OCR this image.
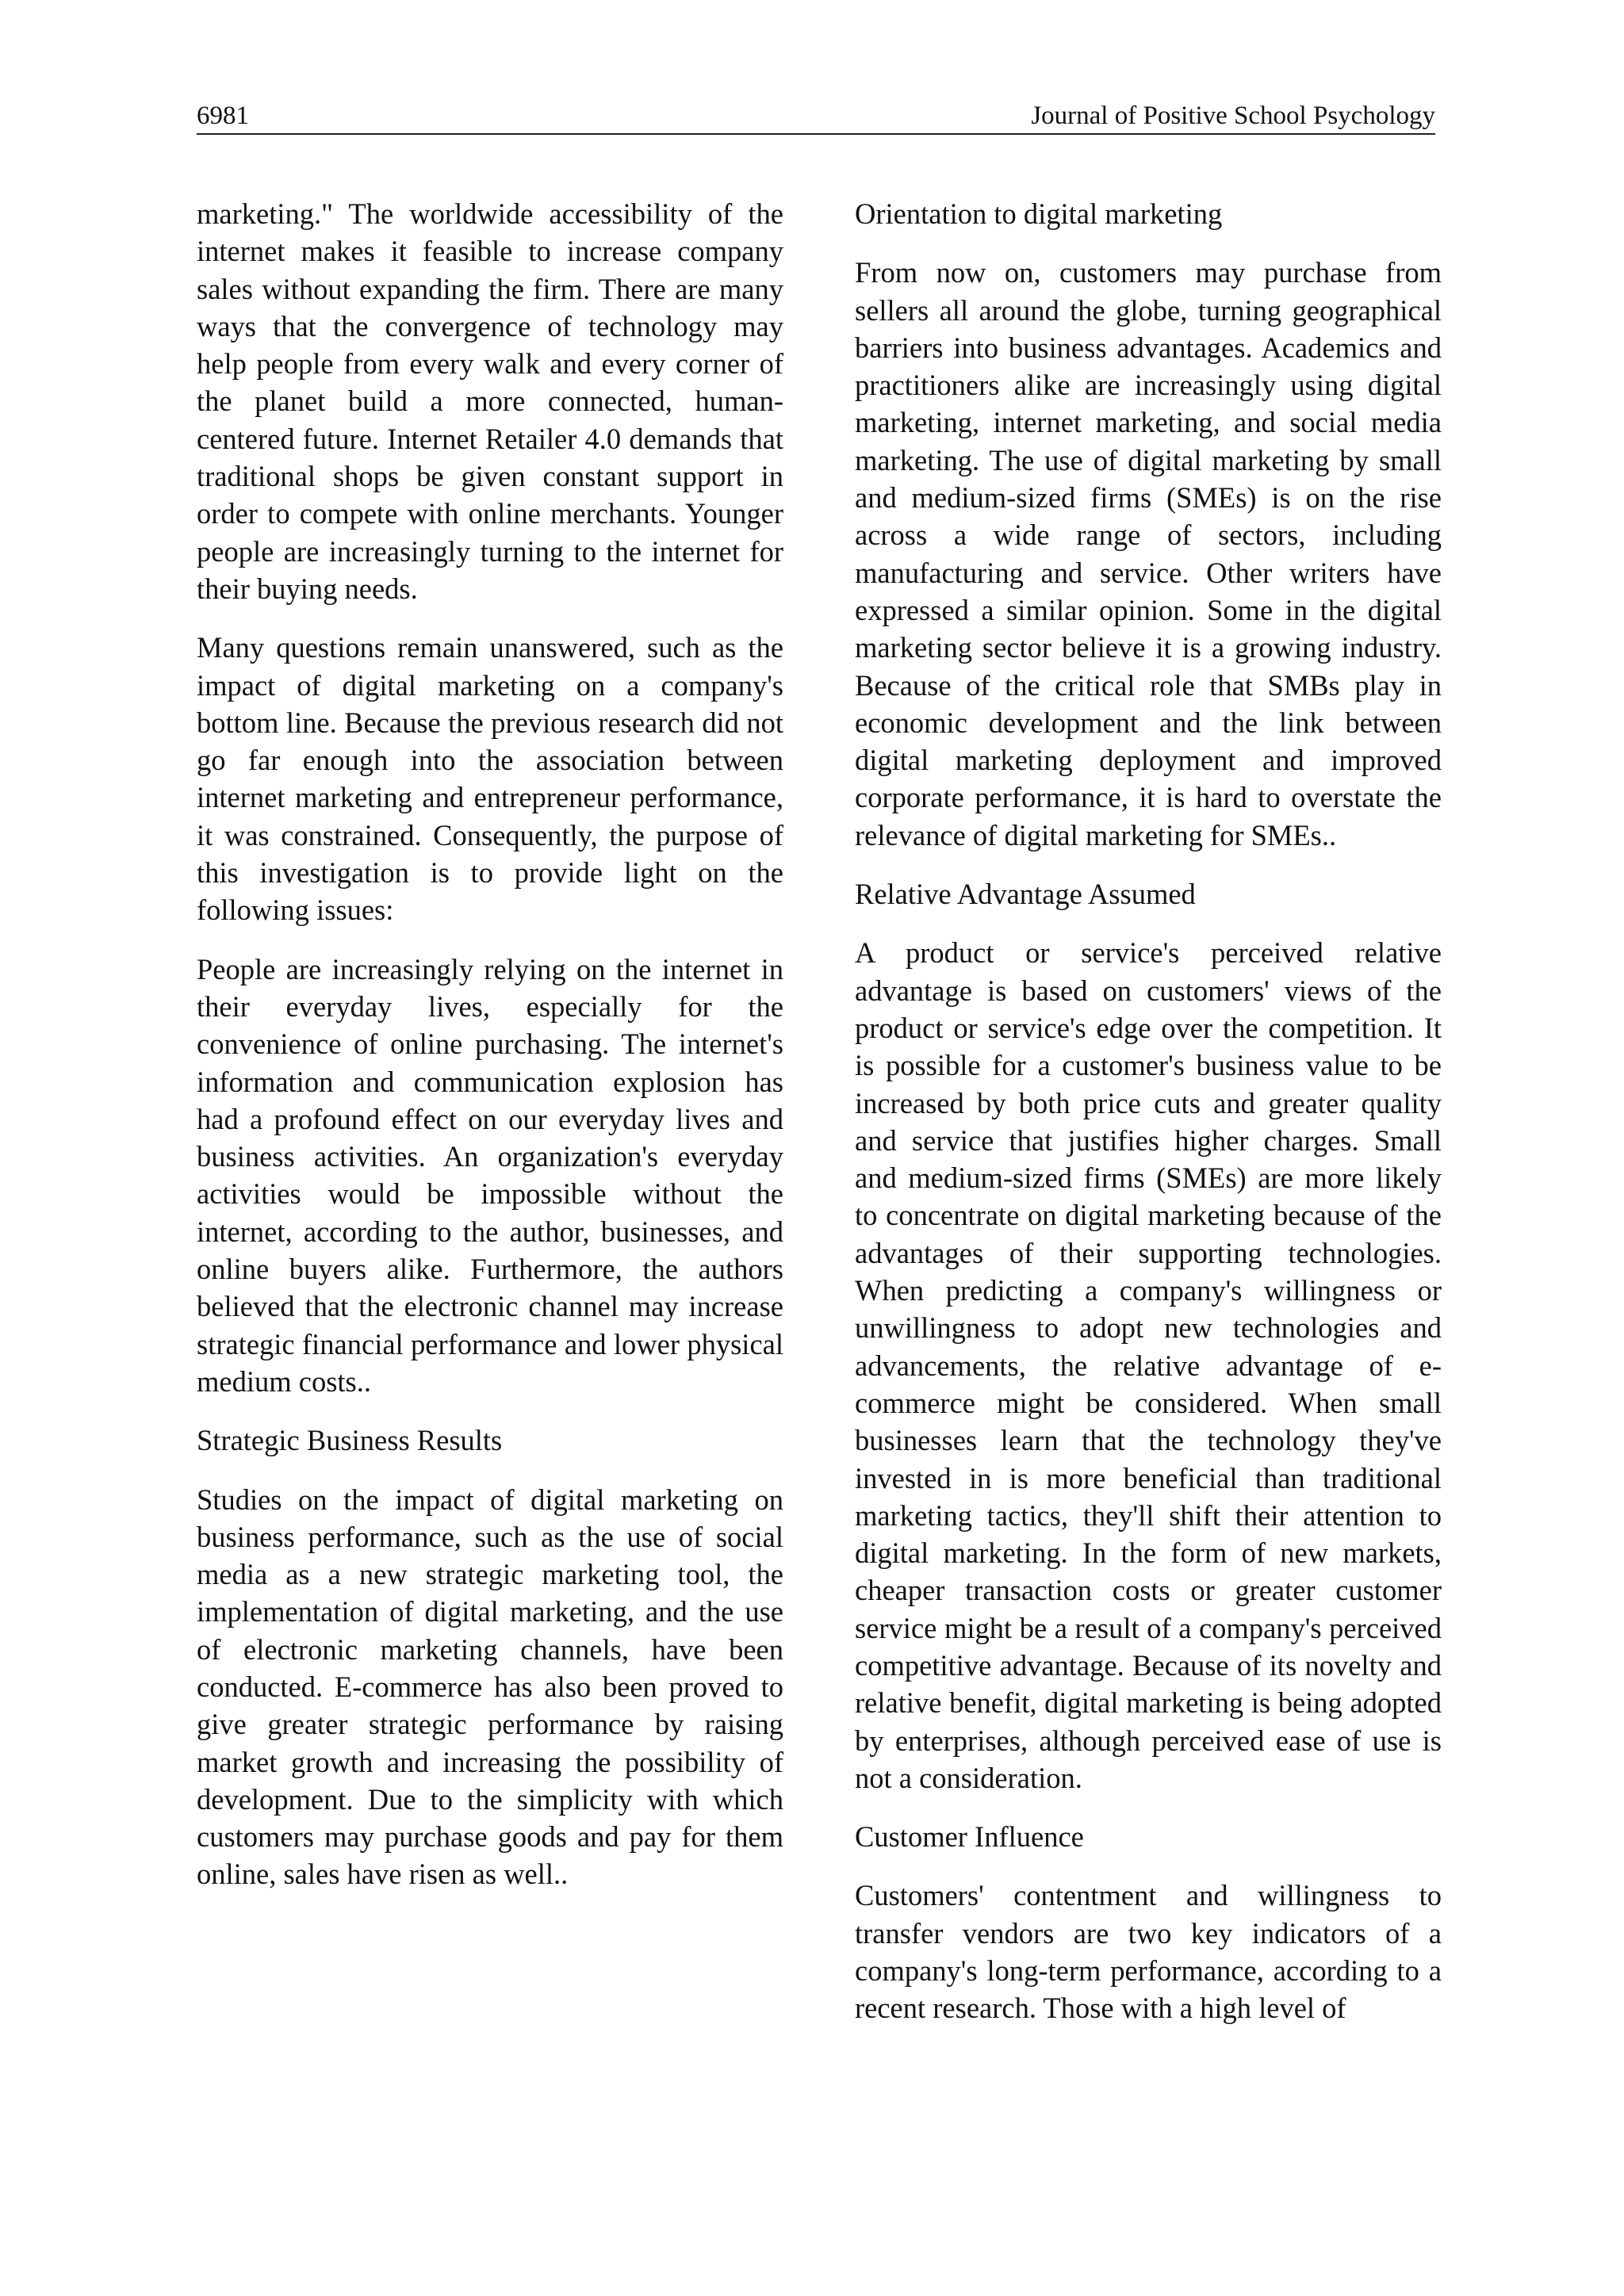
6981	Journal of Positive School Psychology

marketing." The worldwide accessibility of the internet makes it feasible to increase company sales without expanding the firm. There are many ways that the convergence of technology may help people from every walk and every corner of the planet build a more connected, human-centered future. Internet Retailer 4.0 demands that traditional shops be given constant support in order to compete with online merchants. Younger people are increasingly turning to the internet for their buying needs.

Many questions remain unanswered, such as the impact of digital marketing on a company's bottom line. Because the previous research did not go far enough into the association between internet marketing and entrepreneur performance, it was constrained. Consequently, the purpose of this investigation is to provide light on the following issues:

People are increasingly relying on the internet in their everyday lives, especially for the convenience of online purchasing. The internet's information and communication explosion has had a profound effect on our everyday lives and business activities. An organization's everyday activities would be impossible without the internet, according to the author, businesses, and online buyers alike. Furthermore, the authors believed that the electronic channel may increase strategic financial performance and lower physical medium costs..

Strategic Business Results

Studies on the impact of digital marketing on business performance, such as the use of social media as a new strategic marketing tool, the implementation of digital marketing, and the use of electronic marketing channels, have been conducted. E-commerce has also been proved to give greater strategic performance by raising market growth and increasing the possibility of development. Due to the simplicity with which customers may purchase goods and pay for them online, sales have risen as well..

Orientation to digital marketing

From now on, customers may purchase from sellers all around the globe, turning geographical barriers into business advantages. Academics and practitioners alike are increasingly using digital marketing, internet marketing, and social media marketing. The use of digital marketing by small and medium-sized firms (SMEs) is on the rise across a wide range of sectors, including manufacturing and service. Other writers have expressed a similar opinion. Some in the digital marketing sector believe it is a growing industry. Because of the critical role that SMBs play in economic development and the link between digital marketing deployment and improved corporate performance, it is hard to overstate the relevance of digital marketing for SMEs..

Relative Advantage Assumed

A product or service's perceived relative advantage is based on customers' views of the product or service's edge over the competition. It is possible for a customer's business value to be increased by both price cuts and greater quality and service that justifies higher charges. Small and medium-sized firms (SMEs) are more likely to concentrate on digital marketing because of the advantages of their supporting technologies. When predicting a company's willingness or unwillingness to adopt new technologies and advancements, the relative advantage of e-commerce might be considered. When small businesses learn that the technology they've invested in is more beneficial than traditional marketing tactics, they'll shift their attention to digital marketing. In the form of new markets, cheaper transaction costs or greater customer service might be a result of a company's perceived competitive advantage. Because of its novelty and relative benefit, digital marketing is being adopted by enterprises, although perceived ease of use is not a consideration.

Customer Influence

Customers' contentment and willingness to transfer vendors are two key indicators of a company's long-term performance, according to a recent research. Those with a high level of
